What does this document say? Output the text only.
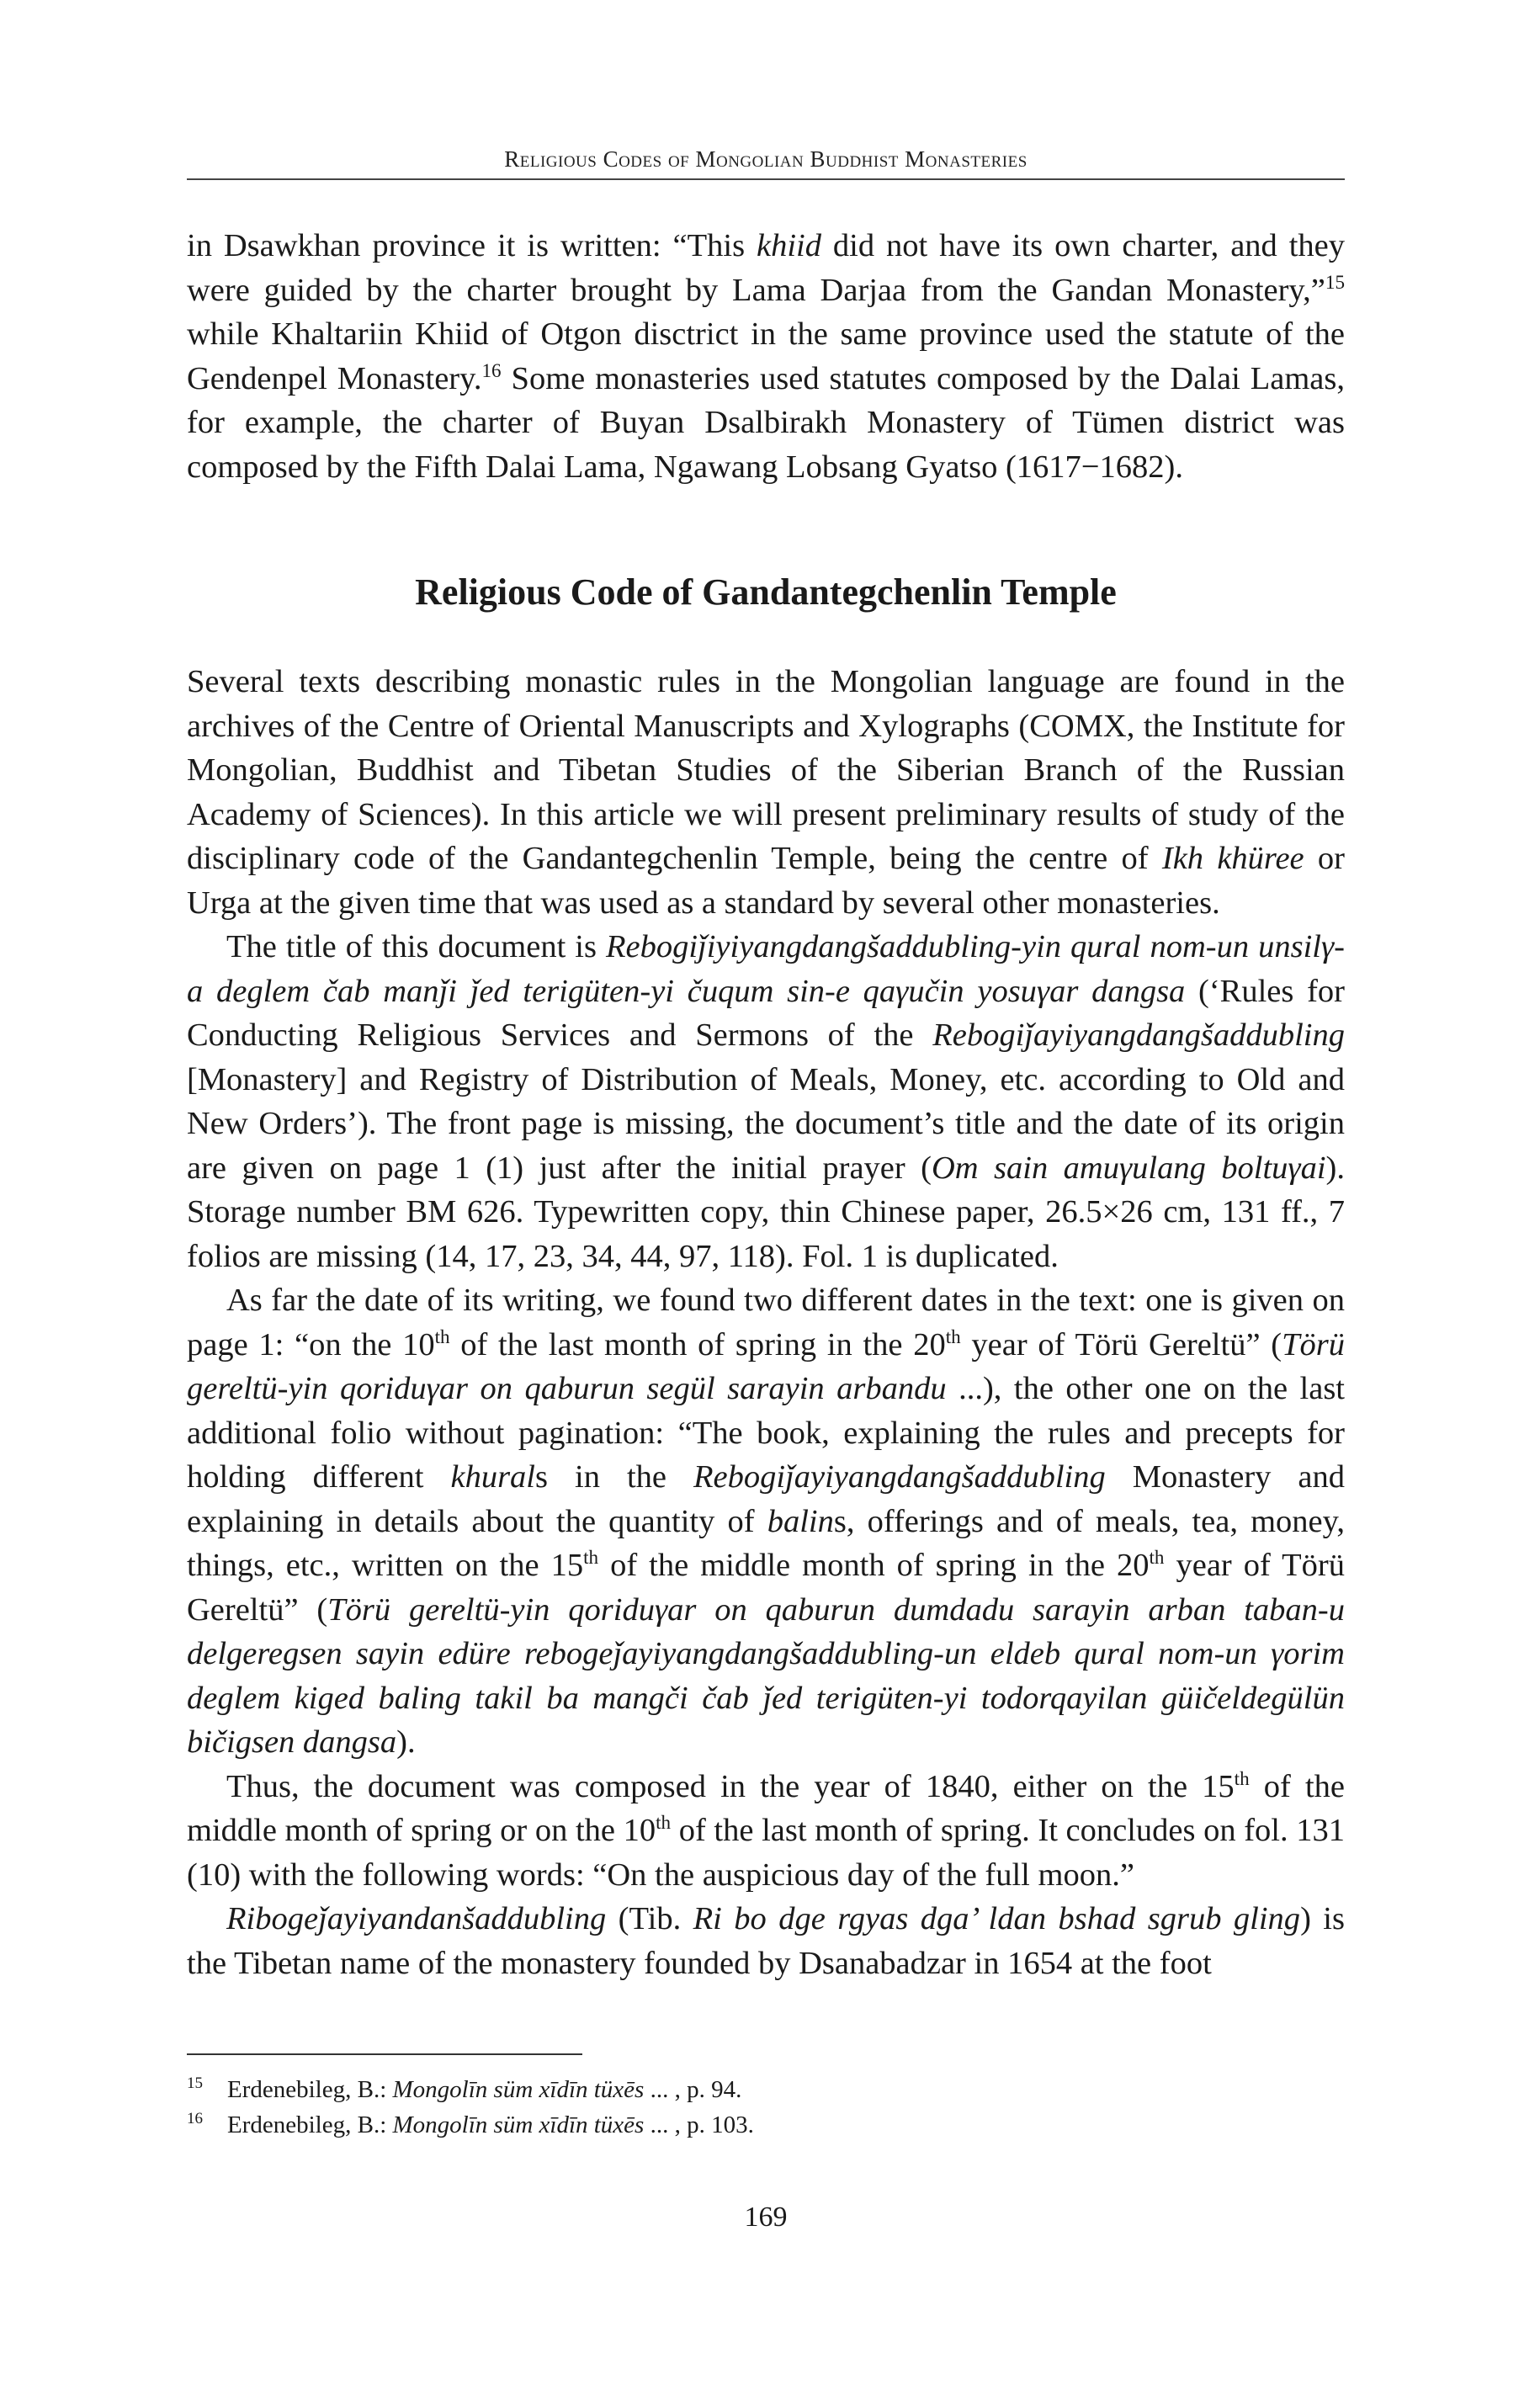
Religious Codes of Mongolian Buddhist Monasteries

in Dsawkhan province it is written: “This khiid did not have its own charter, and they were guided by the charter brought by Lama Darjaa from the Gandan Monastery,”$^{15}$ while Khaltariin Khiid of Otgon disctrict in the same province used the statute of the Gendenpel Monastery.$^{16}$ Some monasteries used statutes composed by the Dalai Lamas, for example, the charter of Buyan Dsalbirakh Monastery of Tümen district was composed by the Fifth Dalai Lama, Ngawang Lobsang Gyatso (1617−1682).

Religious Code of Gandantegchenlin Temple

Several texts describing monastic rules in the Mongolian language are found in the archives of the Centre of Oriental Manuscripts and Xylographs (COMX, the Institute for Mongolian, Buddhist and Tibetan Studies of the Siberian Branch of the Russian Academy of Sciences). In this article we will present preliminary results of study of the disciplinary code of the Gandantegchenlin Temple, being the centre of Ikh khüree or Urga at the given time that was used as a standard by several other monasteries.

The title of this document is Rebogiǰiyiyangdangšaddubling-yin qural nom-un unsilγ-a deglem čab manǰi ǰed terigüten-yi čuqum sin-e qaγučin yosuγar dangsa (‘Rules for Conducting Religious Services and Sermons of the Rebogiǰayiyangdangšaddubling [Monastery] and Registry of Distribution of Meals, Money, etc. according to Old and New Orders’). The front page is missing, the document’s title and the date of its origin are given on page 1 (1) just after the initial prayer (Om sain amuγulang boltuγai). Storage number BM 626. Typewritten copy, thin Chinese paper, 26.5×26 cm, 131 ff., 7 folios are missing (14, 17, 23, 34, 44, 97, 118). Fol. 1 is duplicated.

As far the date of its writing, we found two different dates in the text: one is given on page 1: “on the 10th of the last month of spring in the 20th year of Törü Gereltü” (Törü gereltü-yin qoriduγar on qaburun segül sarayin arbandu ...), the other one on the last additional folio without pagination: “The book, explaining the rules and precepts for holding different khurals in the Rebogiǰayiyangdangšaddubling Monastery and explaining in details about the quantity of balins, offerings and of meals, tea, money, things, etc., written on the 15th of the middle month of spring in the 20th year of Törü Gereltü” (Törü gereltü-yin qoriduγar on qaburun dumdadu sarayin arban taban-u delgeregsen sayin edüre rebogeǰayiyangdangšaddubling-un eldeb qural nom-un γorim deglem kiged baling takil ba mangči čab ǰed terigüten-yi todorqayilan güičeldegülün bičigsen dangsa).

Thus, the document was composed in the year of 1840, either on the 15th of the middle month of spring or on the 10th of the last month of spring. It concludes on fol. 131 (10) with the following words: “On the auspicious day of the full moon.”

Ribogeǰayiyandanšaddubling (Tib. Ri bo dge rgyas dga’ ldan bshad sgrub gling) is the Tibetan name of the monastery founded by Dsanabadzar in 1654 at the foot

15	Erdenebileg, B.: Mongolīn süm xīdīn tüxēs ... , p. 94.
16	Erdenebileg, B.: Mongolīn süm xīdīn tüxēs ... , p. 103.
169
